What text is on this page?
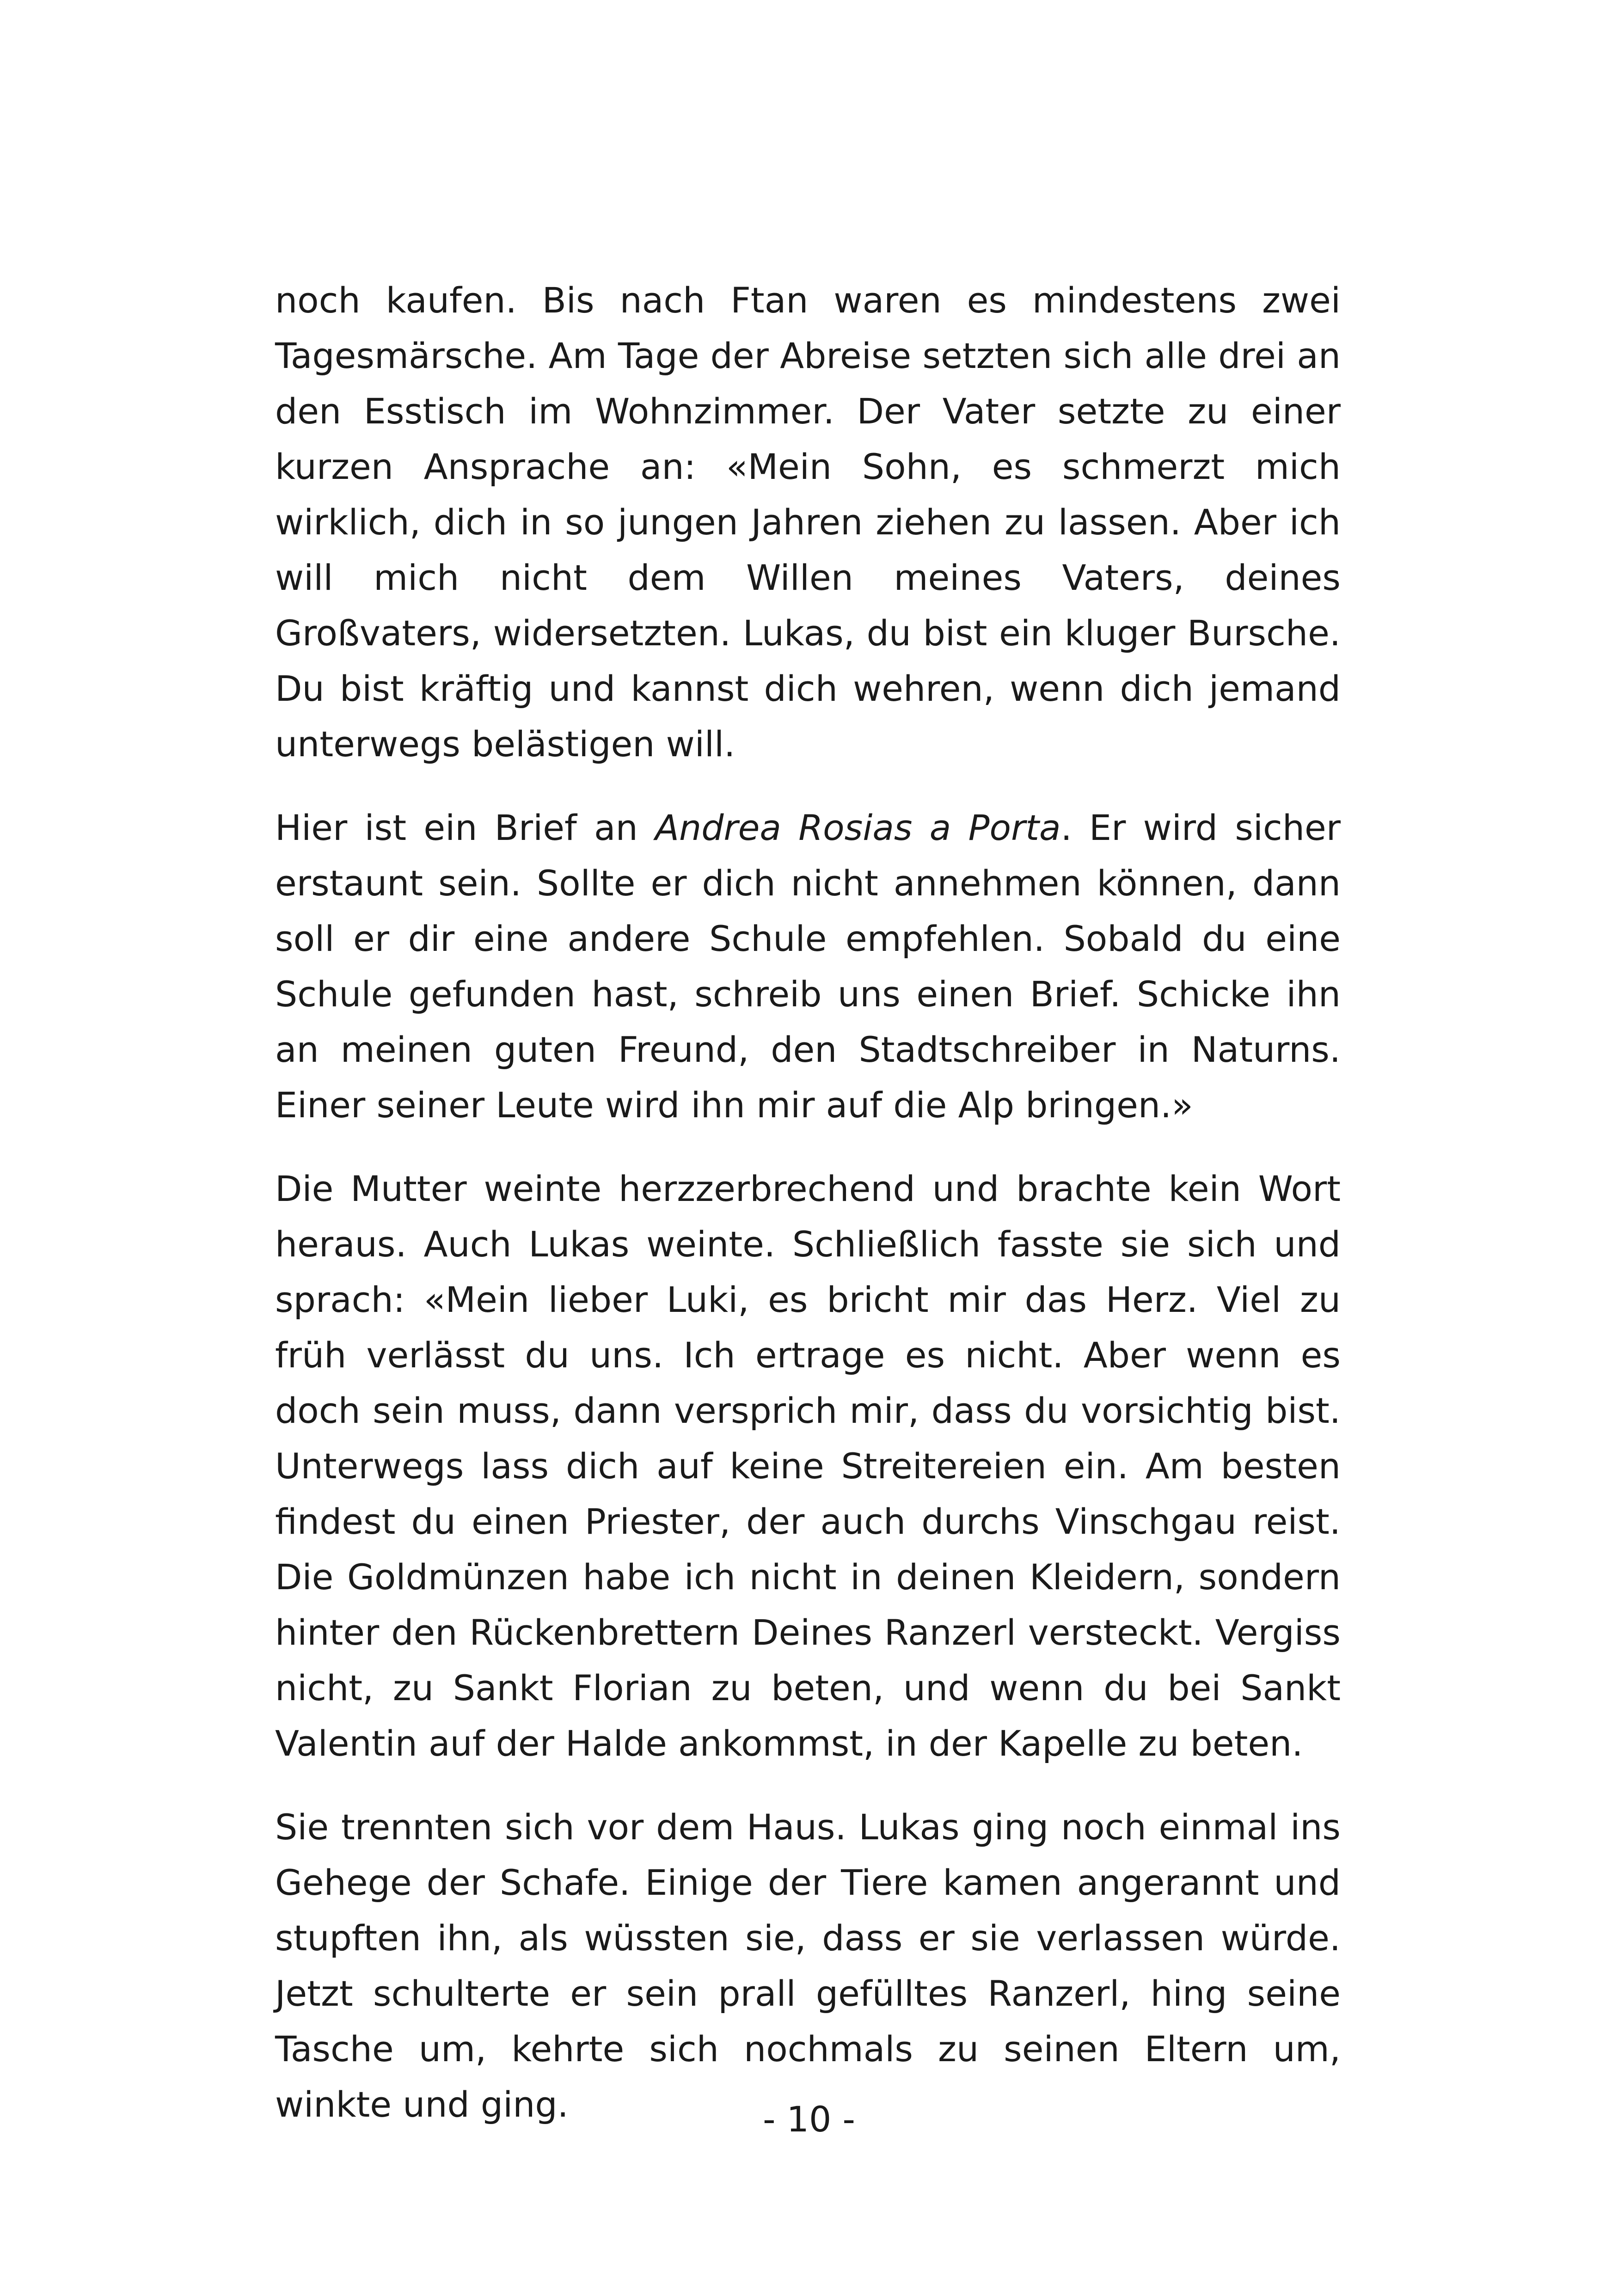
noch kaufen. Bis nach Ftan waren es mindestens zwei Tagesmärsche. Am Tage der Abreise setzten sich alle drei an den Esstisch im Wohnzimmer. Der Vater setzte zu einer kurzen Ansprache an: «Mein Sohn, es schmerzt mich wirklich, dich in so jungen Jahren ziehen zu lassen. Aber ich will mich nicht dem Willen meines Vaters, deines Großvaters, widersetzten. Lukas, du bist ein kluger Bursche. Du bist kräftig und kannst dich wehren, wenn dich jemand unterwegs belästigen will.

Hier ist ein Brief an Andrea Rosias a Porta. Er wird sicher erstaunt sein. Sollte er dich nicht annehmen können, dann soll er dir eine andere Schule empfehlen. Sobald du eine Schule gefunden hast, schreib uns einen Brief. Schicke ihn an meinen guten Freund, den Stadtschreiber in Naturns. Einer seiner Leute wird ihn mir auf die Alp bringen.»

Die Mutter weinte herzzerbrechend und brachte kein Wort heraus. Auch Lukas weinte. Schließlich fasste sie sich und sprach: «Mein lieber Luki, es bricht mir das Herz. Viel zu früh verlässt du uns. Ich ertrage es nicht. Aber wenn es doch sein muss, dann versprich mir, dass du vorsichtig bist. Unterwegs lass dich auf keine Streitereien ein. Am besten findest du einen Priester, der auch durchs Vinschgau reist. Die Goldmünzen habe ich nicht in deinen Kleidern, sondern hinter den Rückenbrettern Deines Ranzerl versteckt. Vergiss nicht, zu Sankt Florian zu beten, und wenn du bei Sankt Valentin auf der Halde ankommst, in der Kapelle zu beten.

Sie trennten sich vor dem Haus. Lukas ging noch einmal ins Gehege der Schafe. Einige der Tiere kamen angerannt und stupften ihn, als wüssten sie, dass er sie verlassen würde. Jetzt schulterte er sein prall gefülltes Ranzerl, hing seine Tasche um, kehrte sich nochmals zu seinen Eltern um, winkte und ging.	- 10 -
